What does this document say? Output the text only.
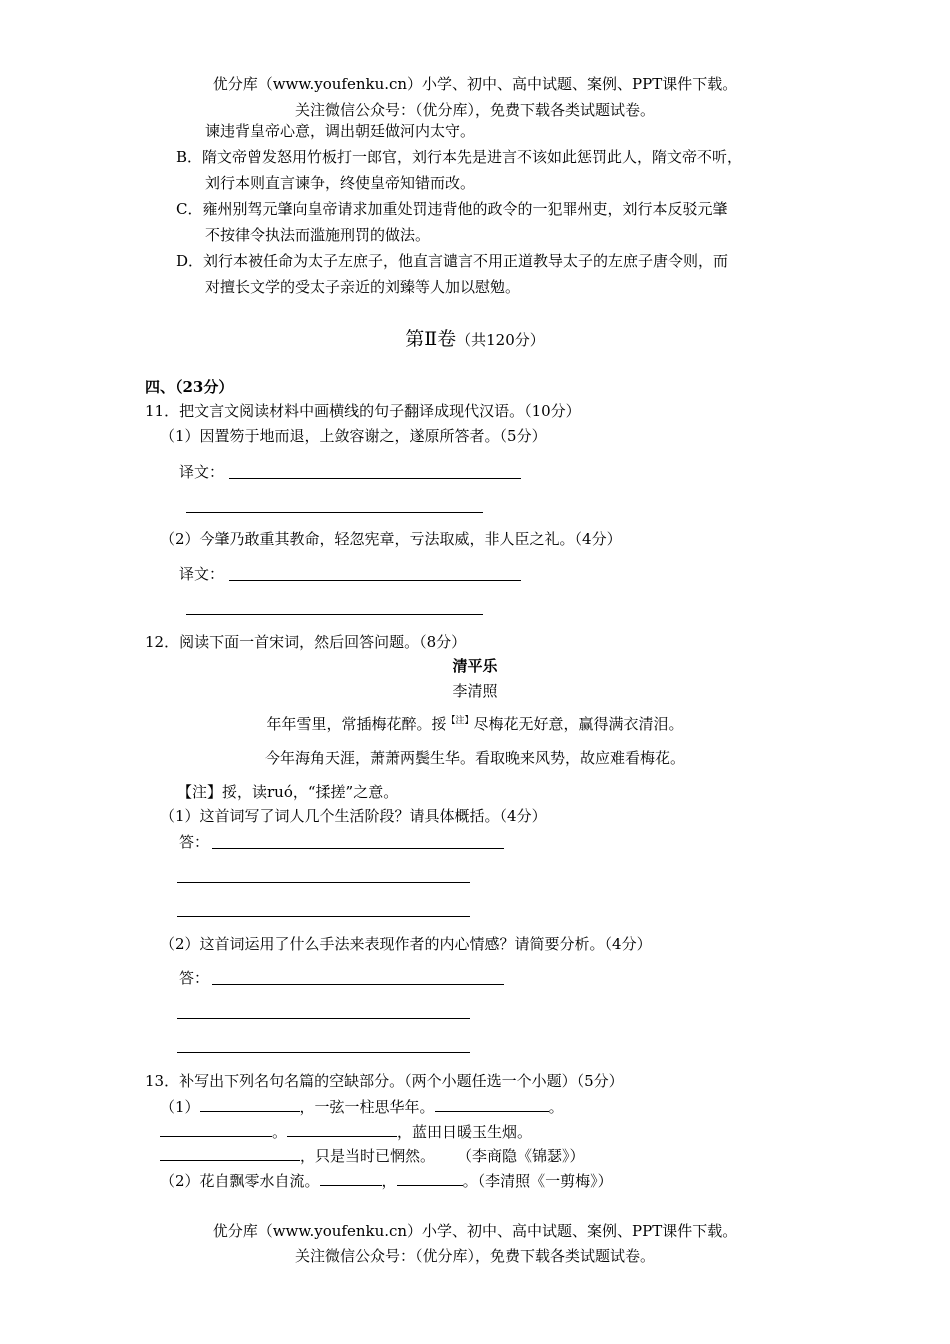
优分库（www.youfenku.cn）小学、初中、高中试题、案例、PPT课件下载。
关注微信公众号：（优分库），免费下载各类试题试卷。
谏违背皇帝心意，调出朝廷做河内太守。
B．隋文帝曾发怒用竹板打一郎官，刘行本先是进言不该如此惩罚此人，隋文帝不听，
刘行本则直言谏争，终使皇帝知错而改。
C．雍州别驾元肇向皇帝请求加重处罚违背他的政令的一犯罪州吏，刘行本反驳元肇
不按律令执法而滥施刑罚的做法。
D．刘行本被任命为太子左庶子，他直言谴言不用正道教导太子的左庶子唐令则，而
对擅长文学的受太子亲近的刘臻等人加以慰勉。
第Ⅱ卷（共120分）
四、（23分）
11．把文言文阅读材料中画横线的句子翻译成现代汉语。（10分）
（1）因置笏于地而退，上敛容谢之，遂原所答者。（5分）
译文：
（2）今肇乃敢重其教命，轻忽宪章，亏法取威，非人臣之礼。（4分）
译文：
12．阅读下面一首宋词，然后回答问题。（8分）
清平乐
李清照
年年雪里，常插梅花醉。挼$^{【注】}$尽梅花无好意，赢得满衣清泪。
今年海角天涯，萧萧两鬓生华。看取晚来风势，故应难看梅花。
【注】挼，读ruó，“揉搓”之意。
（1）这首词写了词人几个生活阶段？请具体概括。（4分）
答：
（2）这首词运用了什么手法来表现作者的内心情感？请简要分析。（4分）
答：
13．补写出下列名句名篇的空缺部分。（两个小题任选一个小题）（5分）
（1）	，一弦一柱思华年。	。
。	，蓝田日暖玉生烟。
，只是当时已惘然。 （李商隐《锦瑟》）
（2）花自飘零水自流。	，	。（李清照《一剪梅》）
优分库（www.youfenku.cn）小学、初中、高中试题、案例、PPT课件下载。
关注微信公众号：（优分库），免费下载各类试题试卷。
